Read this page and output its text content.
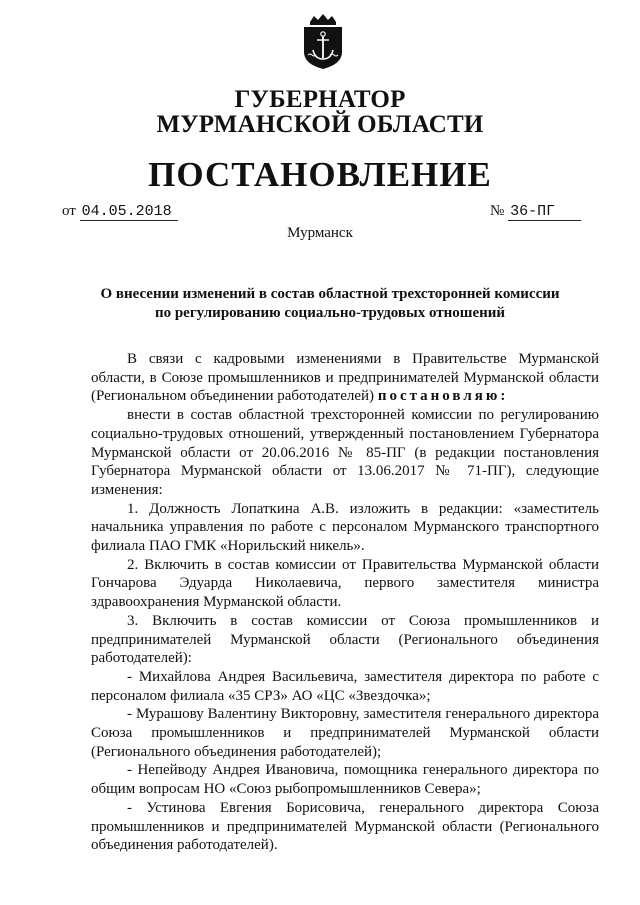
ГУБЕРНАТОР
МУРМАНСКОЙ ОБЛАСТИ
ПОСТАНОВЛЕНИЕ
от 04.05.2018	№ 36-ПГ
Мурманск
О внесении изменений в состав областной трехсторонней комиссии
по регулированию социально-трудовых отношений

В связи с кадровыми изменениями в Правительстве Мурманской области, в Союзе промышленников и предпринимателей Мурманской области (Региональном объединении работодателей) постановляю:

внести в состав областной трехсторонней комиссии по регулированию социально-трудовых отношений, утвержденный постановлением Губернатора Мурманской области от 20.06.2016 № 85-ПГ (в редакции постановления Губернатора Мурманской области от 13.06.2017 № 71-ПГ), следующие изменения:

1. Должность Лопаткина А.В. изложить в редакции: «заместитель начальника управления по работе с персоналом Мурманского транспортного филиала ПАО ГМК «Норильский никель».

2. Включить в состав комиссии от Правительства Мурманской области Гончарова Эдуарда Николаевича, первого заместителя министра здравоохранения Мурманской области.

3. Включить в состав комиссии от Союза промышленников и предпринимателей Мурманской области (Регионального объединения работодателей):

- Михайлова Андрея Васильевича, заместителя директора по работе с персоналом филиала «35 СРЗ» АО «ЦС «Звездочка»;

- Мурашову Валентину Викторовну, заместителя генерального директора Союза промышленников и предпринимателей Мурманской области (Регионального объединения работодателей);

- Непейводу Андрея Ивановича, помощника генерального директора по общим вопросам НО «Союз рыбопромышленников Севера»;

- Устинова Евгения Борисовича, генерального директора Союза промышленников и предпринимателей Мурманской области (Регионального объединения работодателей).
